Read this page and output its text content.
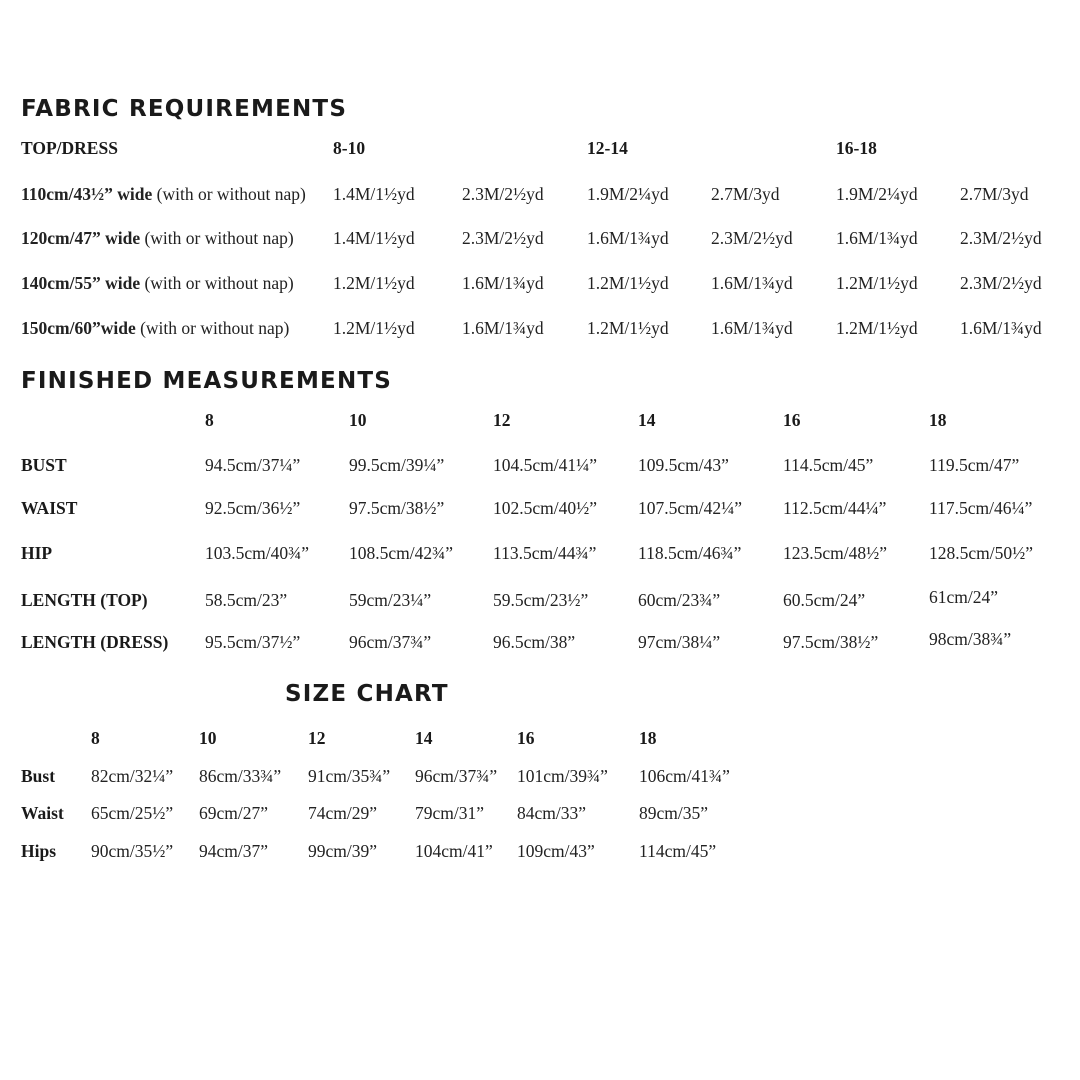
FABRIC REQUIREMENTS
TOP/DRESS	8-10	12-14	16-18
110cm/43½” wide (with or without nap) 1.4M/1½yd	2.3M/2½yd 1.9M/2¼yd 2.7M/3yd	1.9M/2¼yd 2.7M/3yd
120cm/47” wide (with or without nap) 1.4M/1½yd	2.3M/2½yd 1.6M/1¾yd 2.3M/2½yd 1.6M/1¾yd 2.3M/2½yd
140cm/55” wide (with or without nap) 1.2M/1½yd	1.6M/1¾yd 1.2M/1½yd 1.6M/1¾yd 1.2M/1½yd 2.3M/2½yd
150cm/60”wide (with or without nap) 1.2M/1½yd	1.6M/1¾yd 1.2M/1½yd 1.6M/1¾yd 1.2M/1½yd 1.6M/1¾yd
FINISHED MEASUREMENTS
8	10	12	14	16	18
BUST	94.5cm/37¼”	99.5cm/39¼”	104.5cm/41¼” 109.5cm/43”	114.5cm/45”	119.5cm/47”
WAIST	92.5cm/36½”	97.5cm/38½”	102.5cm/40½” 107.5cm/42¼” 112.5cm/44¼” 117.5cm/46¼”
HIP	103.5cm/40¾” 108.5cm/42¾” 113.5cm/44¾” 118.5cm/46¾” 123.5cm/48½” 128.5cm/50½”
LENGTH (TOP)	58.5cm/23”	59cm/23¼”	59.5cm/23½”	60cm/23¾”	60.5cm/24”	61cm/24”
LENGTH (DRESS) 95.5cm/37½”	96cm/37¾”	96.5cm/38”	97cm/38¼”	97.5cm/38½”	98cm/38¾”
SIZE CHART
8	10	12	14	16	18
Bust 82cm/32¼” 86cm/33¾” 91cm/35¾” 96cm/37¾” 101cm/39¾” 106cm/41¾”
Waist 65cm/25½” 69cm/27” 74cm/29” 79cm/31” 84cm/33”	89cm/35”
Hips 90cm/35½” 94cm/37” 99cm/39” 104cm/41” 109cm/43”	114cm/45”
